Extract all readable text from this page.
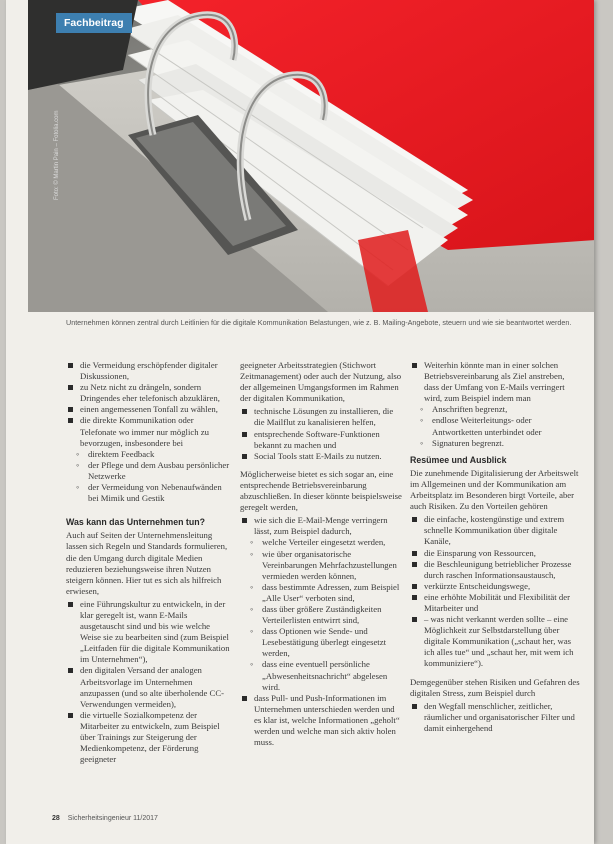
Fachbeitrag
Foto: © Martin Pain – Fotolia.com
Unternehmen können zentral durch Leitlinien für die digitale Kommunikation Belastungen, wie z. B. Mailing-Angebote, steuern und wie sie beantwortet werden.
die Vermeidung erschöpfender digitaler Diskussionen,
zu Netz nicht zu drängeln, sondern Dringendes eher telefonisch abzuklären,
einen angemessenen Tonfall zu wählen,
die direkte Kommunikation oder Telefonate wo immer nur möglich zu bevorzugen, insbesondere bei
◦ direktem Feedback
◦ der Pflege und dem Ausbau persönlicher Netzwerke
◦ der Vermeidung von Nebenaufwänden bei Mimik und Gestik
Was kann das Unternehmen tun?

Auch auf Seiten der Unternehmensleitung lassen sich Regeln und Standards formulieren, die den Umgang durch digitale Medien reduzieren beziehungsweise ihren Nutzen steigern können. Hier tut es sich als hilfreich erwiesen,

eine Führungskultur zu entwickeln, in der klar geregelt ist, wann E-Mails ausgetauscht sind und bis wie welche Weise sie zu bearbeiten sind (zum Beispiel „Leitfaden für die digitale Kommunikation im Unternehmen“),
den digitalen Versand der analogen Arbeitsvorlage im Unternehmen anzupassen (und so alte überholende CC-Verwendungen vermeiden),
die virtuelle Sozialkompetenz der Mitarbeiter zu entwickeln, zum Beispiel über Trainings zur Steigerung der Medienkompetenz, der Förderung geeigneter

geeigneter Arbeitsstrategien (Stichwort Zeitmanagement) oder auch der Nutzung, also der allgemeinen Umgangsformen im Rahmen der digitalen Kommunikation,

technische Lösungen zu installieren, die die Mailflut zu kanalisieren helfen,
entsprechende Software-Funktionen bekannt zu machen und
Social Tools statt E-Mails zu nutzen.

Möglicherweise bietet es sich sogar an, eine entsprechende Betriebsvereinbarung abzuschließen. In dieser könnte beispielsweise geregelt werden,

wie sich die E-Mail-Menge verringern lässt, zum Beispiel dadurch,
◦ welche Verteiler eingesetzt werden,
◦ wie über organisatorische Vereinbarungen Mehrfachzustellungen vermieden werden können,
◦ dass bestimmte Adressen, zum Beispiel „Alle User“ verboten sind,
◦ dass über größere Zuständigkeiten Verteilerlisten entwirrt sind,
◦ dass Optionen wie Sende- und Lesebestätigung überlegt eingesetzt werden,
◦ dass eine eventuell persönliche „Abwesenheitsnachricht“ abgelesen wird.
dass Pull- und Push-Informationen im Unternehmen unterschieden werden und es klar ist, welche Informationen „geholt“ werden und welche man sich aktiv holen muss.
Weiterhin könnte man in einer solchen Betriebsvereinbarung als Ziel anstreben, dass der Umfang von E-Mails verringert wird, zum Beispiel indem man
◦ Anschriften begrenzt,
◦ endlose Weiterleitungs- oder Antwortketten unterbindet oder
◦ Signaturen begrenzt.
Resümee und Ausblick

Die zunehmende Digitalisierung der Arbeitswelt im Allgemeinen und der Kommunikation am Arbeitsplatz im Besonderen birgt Vorteile, aber auch Risiken. Zu den Vorteilen gehören

die einfache, kostengünstige und extrem schnelle Kommunikation über digitale Kanäle,
die Einsparung von Ressourcen,
die Beschleunigung betrieblicher Prozesse durch raschen Informationsaustausch,
verkürzte Entscheidungswege,
eine erhöhte Mobilität und Flexibilität der Mitarbeiter und
– was nicht verkannt werden sollte – eine Möglichkeit zur Selbstdarstellung über digitale Kommunikation („schaut her, was ich alles tue“ und „schaut her, mit wem ich kommuniziere“).

Demgegenüber stehen Risiken und Gefahren des digitalen Stress, zum Beispiel durch

den Wegfall menschlicher, zeitlicher, räumlicher und organisatorischer Filter und damit einhergehend
28 Sicherheitsingenieur 11/2017
